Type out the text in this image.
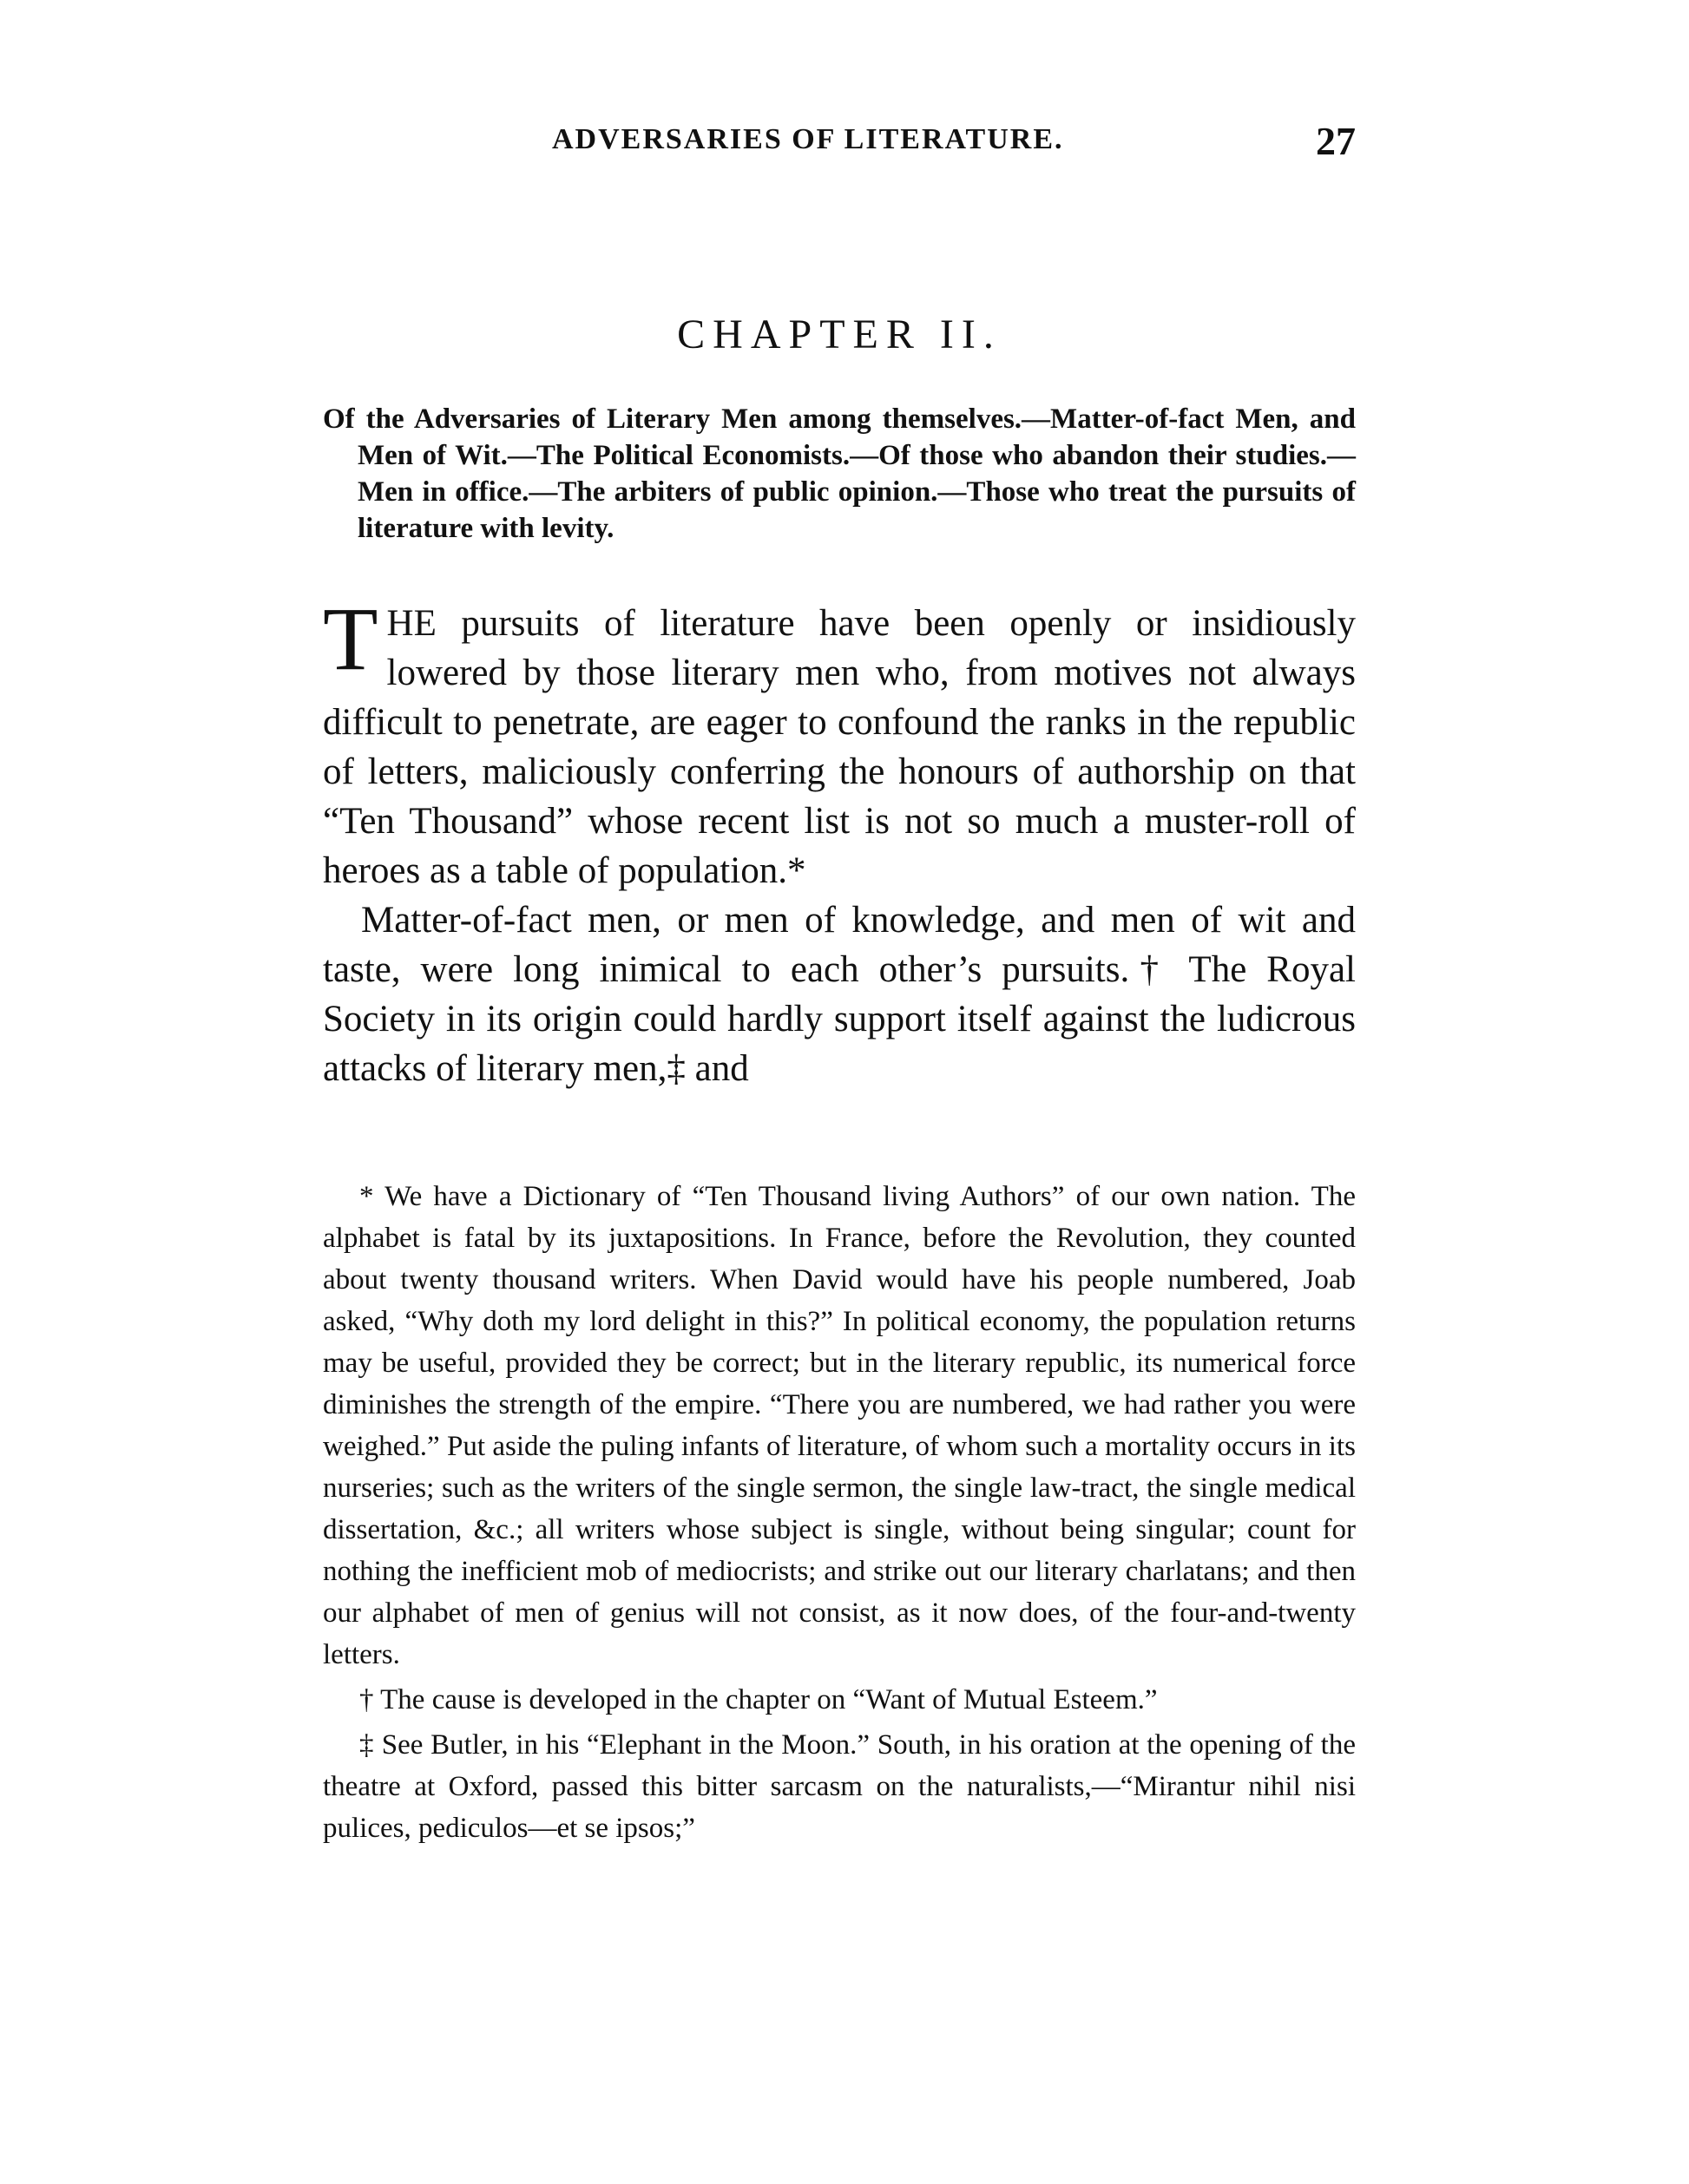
ADVERSARIES OF LITERATURE.	27
CHAPTER II.
Of the Adversaries of Literary Men among themselves.—Matter-of-fact Men, and Men of Wit.—The Political Economists.—Of those who abandon their studies.—Men in office.—The arbiters of public opinion.—Those who treat the pursuits of literature with levity.

THE pursuits of literature have been openly or insidiously lowered by those literary men who, from motives not always difficult to penetrate, are eager to confound the ranks in the republic of letters, maliciously conferring the honours of authorship on that “Ten Thousand” whose recent list is not so much a muster-roll of heroes as a table of population.*

Matter-of-fact men, or men of knowledge, and men of wit and taste, were long inimical to each other’s pursuits.† The Royal Society in its origin could hardly support itself against the ludicrous attacks of literary men,‡ and

* We have a Dictionary of “Ten Thousand living Authors” of our own nation. The alphabet is fatal by its juxtapositions. In France, before the Revolution, they counted about twenty thousand writers. When David would have his people numbered, Joab asked, “Why doth my lord delight in this?” In political economy, the population returns may be useful, provided they be correct; but in the literary republic, its numerical force diminishes the strength of the empire. “There you are numbered, we had rather you were weighed.” Put aside the puling infants of literature, of whom such a mortality occurs in its nurseries; such as the writers of the single sermon, the single law-tract, the single medical dissertation, &c.; all writers whose subject is single, without being singular; count for nothing the inefficient mob of mediocrists; and strike out our literary charlatans; and then our alphabet of men of genius will not consist, as it now does, of the four-and-twenty letters.

† The cause is developed in the chapter on “Want of Mutual Esteem.”

‡ See Butler, in his “Elephant in the Moon.” South, in his oration at the opening of the theatre at Oxford, passed this bitter sarcasm on the naturalists,—“Mirantur nihil nisi pulices, pediculos—et se ipsos;”
